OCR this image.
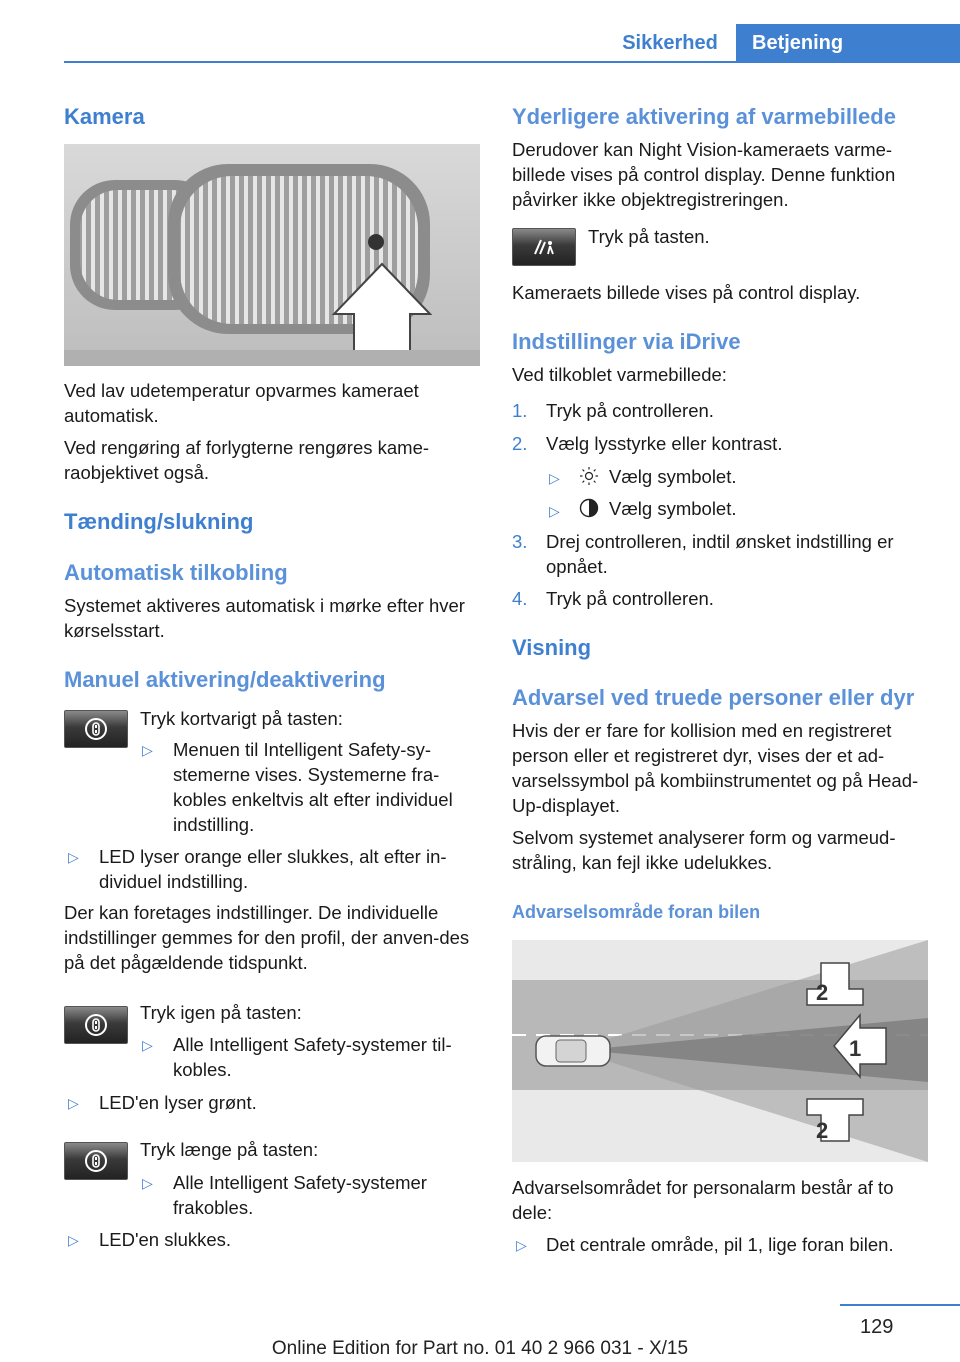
Sikkerhed	Betjening
Kamera
Ved lav udetemperatur opvarmes kameraet automatisk.
Ved rengøring af forlygterne rengøres kame-raobjektivet også.
Tænding/slukning
Automatisk tilkobling
Systemet aktiveres automatisk i mørke efter hver kørselsstart.
Manuel aktivering/deaktivering
Tryk kortvarigt på tasten:
▷ Menuen til Intelligent Safety-sy-stemerne vises. Systemerne fra-kobles enkeltvis alt efter individuel indstilling.
▷ LED lyser orange eller slukkes, alt efter in-dividuel indstilling.
Der kan foretages indstillinger. De individuelle indstillinger gemmes for den profil, der anven-des på det pågældende tidspunkt.
Tryk igen på tasten:
▷ Alle Intelligent Safety-systemer til-kobles.
▷ LED'en lyser grønt.
Tryk længe på tasten:
▷ Alle Intelligent Safety-systemer frakobles.
▷ LED'en slukkes.
Yderligere aktivering af varmebillede
Derudover kan Night Vision-kameraets varme-billede vises på control display. Denne funktion påvirker ikke objektregistreringen.
Tryk på tasten.
Kameraets billede vises på control display.
Indstillinger via iDrive
Ved tilkoblet varmebillede:
1. Tryk på controlleren.
2. Vælg lysstyrke eller kontrast.
▷	Vælg symbolet.
▷	Vælg symbolet.
3. Drej controlleren, indtil ønsket indstilling er opnået.
4. Tryk på controlleren.
Visning
Advarsel ved truede personer eller dyr
Hvis der er fare for kollision med en registreret person eller et registreret dyr, vises der et ad-varselssymbol på kombiinstrumentet og på Head-Up-displayet.
Selvom systemet analyserer form og varmeud-stråling, kan fejl ikke udelukkes.
Advarselsområde foran bilen
2
1
2
Advarselsområdet for personalarm består af to dele:
▷ Det centrale område, pil 1, lige foran bilen.
129
Online Edition for Part no. 01 40 2 966 031 - X/15
